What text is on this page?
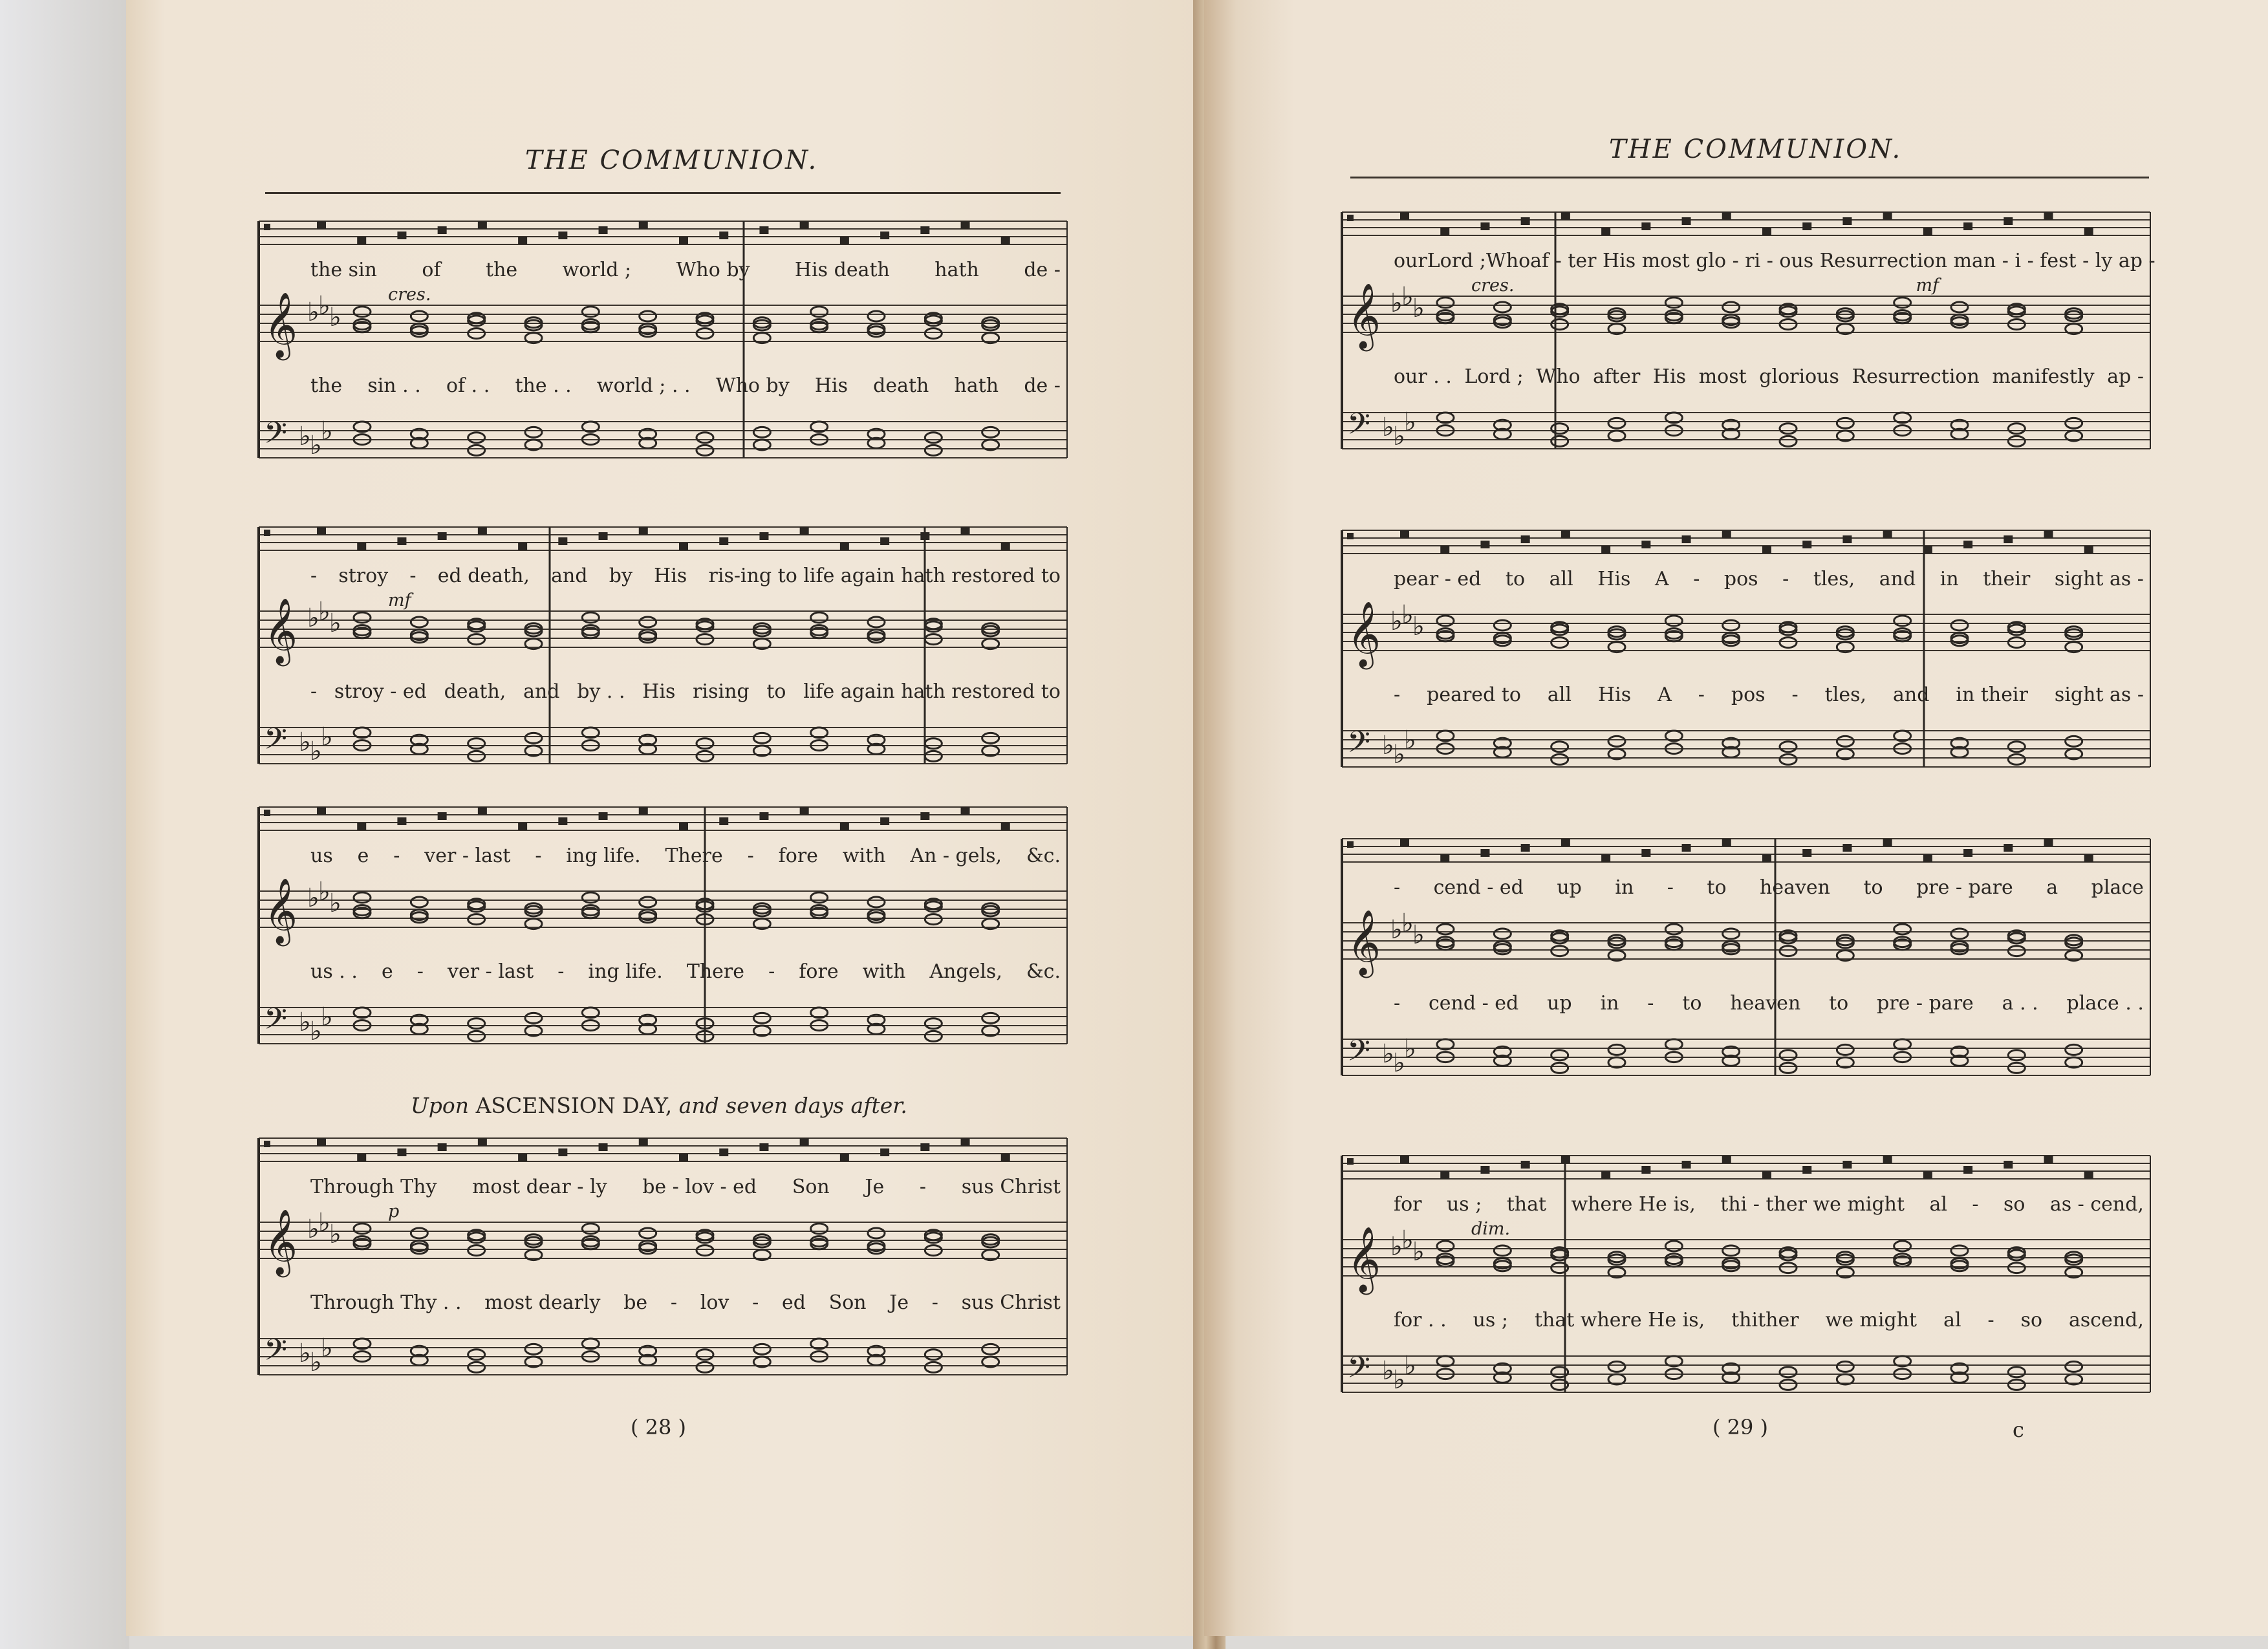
THE COMMUNION.	THE COMMUNION.
Upon ASCENSION DAY, and seven days after.
( 28 )	( 29 )	c
𝄞 ♭
♭
♭
𝄢 ♭
♭
♭
𝄞 ♭
♭
♭
𝄢 ♭
♭
♭
𝄞 ♭
♭
♭
𝄢 ♭
♭
♭
𝄞 ♭
♭
♭
𝄢 ♭
♭
♭
𝄞 ♭
♭
♭
𝄢 ♭
♭
♭
𝄞 ♭
♭
♭
𝄢 ♭
♭
♭
𝄞 ♭
♭
♭
𝄢 ♭
♭
♭
𝄞 ♭
♭
♭
𝄢 ♭
♭
♭
the sin of the world ; Who by His death hath de -
the sin . . of . . the . . world ; . . Who by His death hath de -
cres.
- stroy - ed death, and by His ris-ing to life again hath restored to
- stroy - ed death, and by . . His rising to life again hath restored to
mf
us e - ver - last - ing life. There - fore with An - gels, &c.
us . . e - ver - last - ing life. There - fore with Angels, &c.
Through Thy most dear - ly be - lov - ed Son Je - sus Christ
Through Thy . . most dearly be - lov - ed Son Je - sus Christ
p
our Lord ; Who af - ter His most glo - ri - ous Resurrection man - i - fest - ly ap -
our . . Lord ; Who after His most glorious Resurrection manifestly ap -
cres.	mf
pear - ed to all His A - pos - tles, and in their sight as -
- peared to all His A - pos - tles, and in their sight as -
- cend - ed up in - to heaven to pre - pare a place
- cend - ed up in - to heaven to pre - pare a . . place . .
for us ; that where He is, thi - ther we might al - so as - cend,
for . . us ; that where He is, thither we might al - so ascend,
dim.
